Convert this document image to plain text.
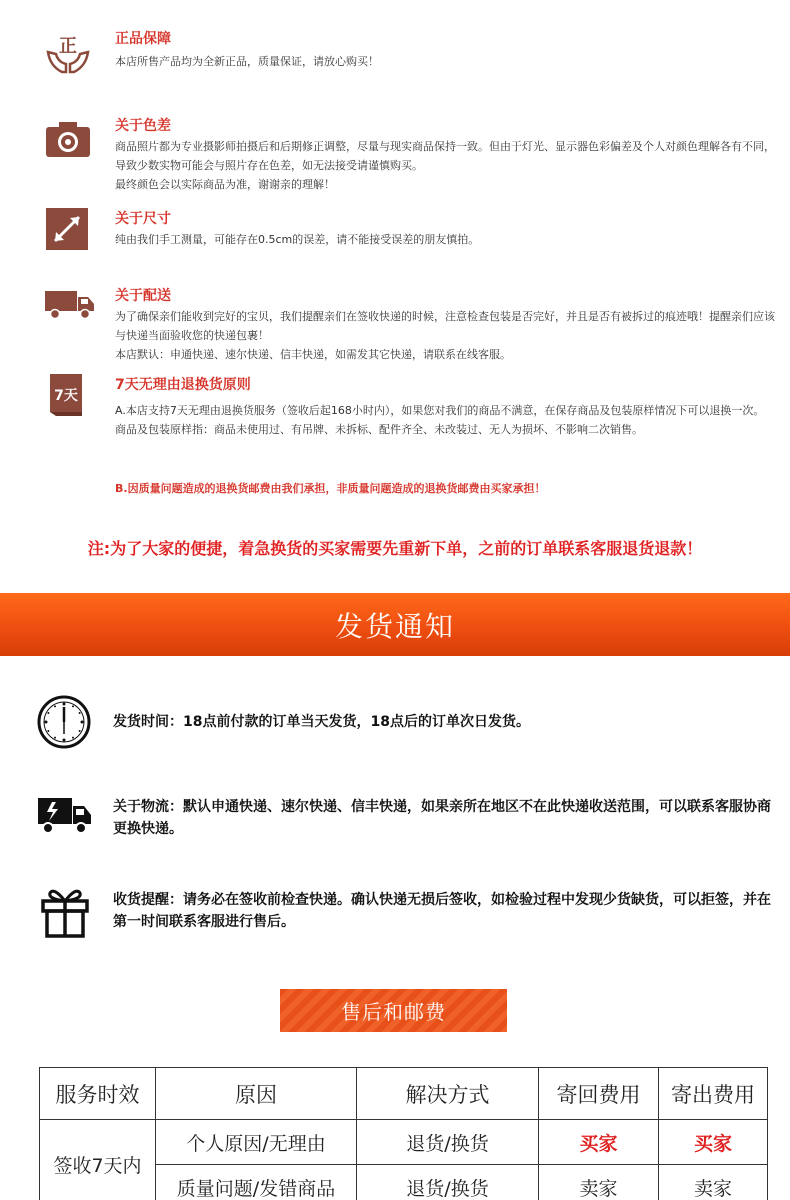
正	正品保障

本店所售产品均为全新正品，质量保证，请放心购买！

关于色差

商品照片都为专业摄影师拍摄后和后期修正调整，尽量与现实商品保持一致。但由于灯光、显示器色彩偏差及个人对颜色理解各有不同，导致少数实物可能会与照片存在色差，如无法接受请谨慎购买。

最终颜色会以实际商品为准，谢谢亲的理解！

关于尺寸

纯由我们手工测量，可能存在0.5cm的误差，请不能接受误差的朋友慎拍。

关于配送

为了确保亲们能收到完好的宝贝，我们提醒亲们在签收快递的时候，注意检查包装是否完好，并且是否有被拆过的痕迹哦！提醒亲们应该与快递当面验收您的快递包裹！

本店默认：申通快递、速尔快递、信丰快递，如需发其它快递，请联系在线客服。

7天
7天无理由退换货原则

A.本店支持7天无理由退换货服务（签收后起168小时内），如果您对我们的商品不满意，在保存商品及包装原样情况下可以退换一次。商品及包装原样指：商品未使用过、有吊牌、未拆标、配件齐全、未改装过、无人为损坏、不影响二次销售。

B.因质量问题造成的退换货邮费由我们承担，非质量问题造成的退换货邮费由买家承担！
注:为了大家的便捷，着急换货的买家需要先重新下单，之前的订单联系客服退货退款！
发货通知
发货时间：18点前付款的订单当天发货，18点后的订单次日发货。
关于物流：默认申通快递、速尔快递、信丰快递，如果亲所在地区不在此快递收送范围，可以联系客服协商更换快递。
收货提醒：请务必在签收前检查快递。确认快递无损后签收，如检验过程中发现少货缺货，可以拒签，并在第一时间联系客服进行售后。
售后和邮费
服务时效	原因	解决方式	寄回费用	寄出费用
签收7天内	个人原因/无理由	退货/换货	买家	买家
	质量问题/发错商品	退货/换货	卖家	卖家
